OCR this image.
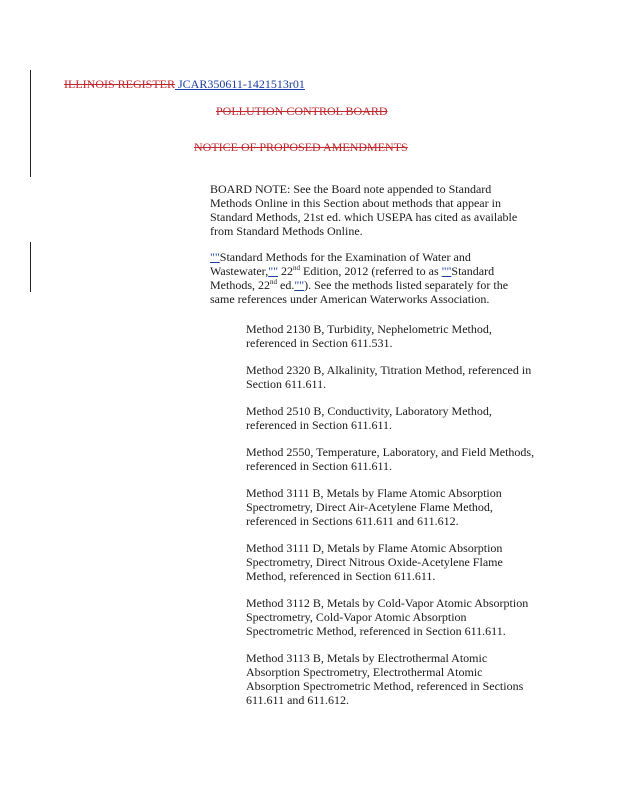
ILLINOIS REGISTER JCAR350611-1421513r01
POLLUTION CONTROL BOARD
NOTICE OF PROPOSED AMENDMENTS

BOARD NOTE: See the Board note appended to Standard Methods Online in this Section about methods that appear in Standard Methods, 21st ed. which USEPA has cited as available from Standard Methods Online.

""Standard Methods for the Examination of Water and Wastewater,"" 22nd Edition, 2012 (referred to as ""Standard Methods, 22nd ed.""). See the methods listed separately for the same references under American Waterworks Association.

Method 2130 B, Turbidity, Nephelometric Method, referenced in Section 611.531.

Method 2320 B, Alkalinity, Titration Method, referenced in Section 611.611.

Method 2510 B, Conductivity, Laboratory Method, referenced in Section 611.611.

Method 2550, Temperature, Laboratory, and Field Methods, referenced in Section 611.611.

Method 3111 B, Metals by Flame Atomic Absorption Spectrometry, Direct Air-Acetylene Flame Method, referenced in Sections 611.611 and 611.612.

Method 3111 D, Metals by Flame Atomic Absorption Spectrometry, Direct Nitrous Oxide-Acetylene Flame Method, referenced in Section 611.611.

Method 3112 B, Metals by Cold-Vapor Atomic Absorption Spectrometry, Cold-Vapor Atomic Absorption Spectrometric Method, referenced in Section 611.611.

Method 3113 B, Metals by Electrothermal Atomic Absorption Spectrometry, Electrothermal Atomic Absorption Spectrometric Method, referenced in Sections 611.611 and 611.612.
